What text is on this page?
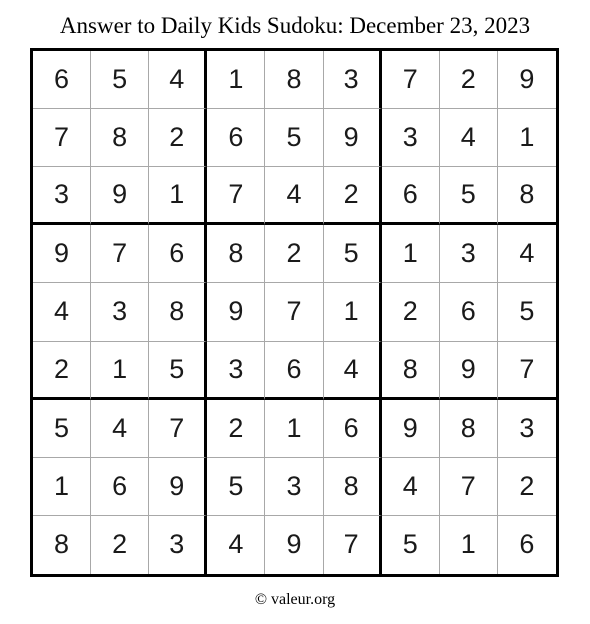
Answer to Daily Kids Sudoku: December 23, 2023
6	5	4	1	8	3	7	2	9
7	8	2	6	5	9	3	4	1
3	9	1	7	4	2	6	5	8
9	7	6	8	2	5	1	3	4
4	3	8	9	7	1	2	6	5
2	1	5	3	6	4	8	9	7
5	4	7	2	1	6	9	8	3
1	6	9	5	3	8	4	7	2
8	2	3	4	9	7	5	1	6
© valeur.org
